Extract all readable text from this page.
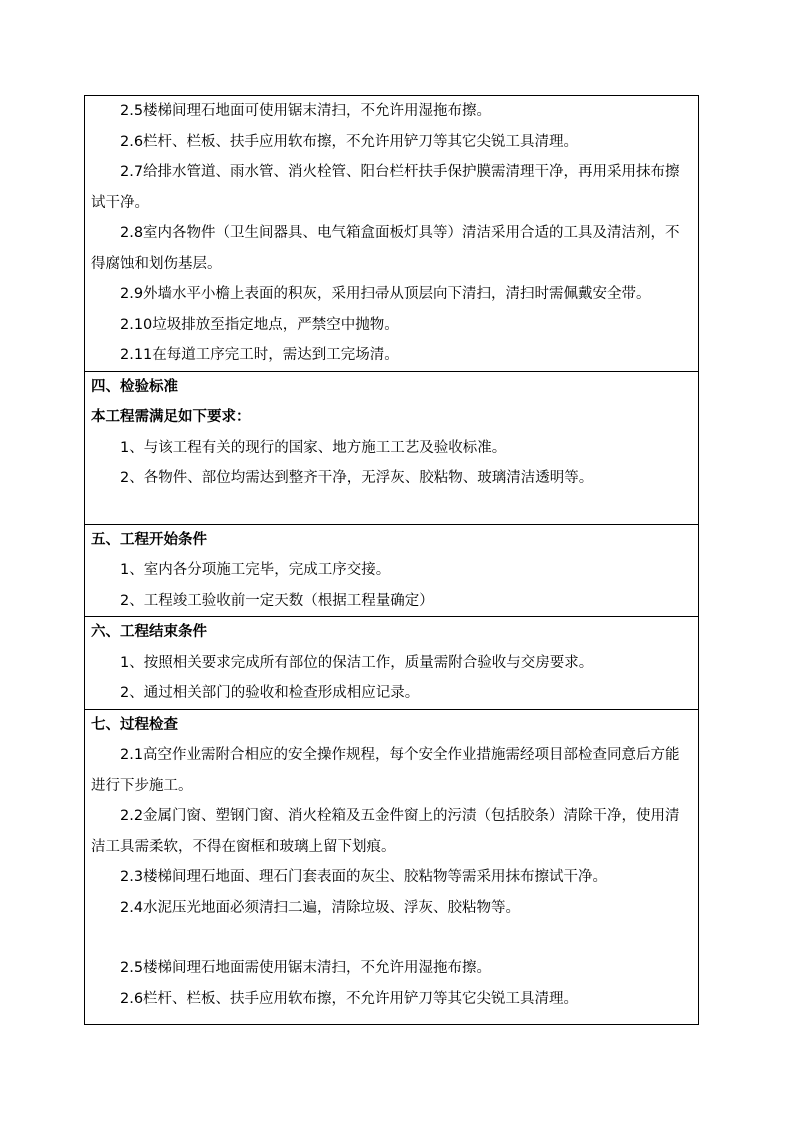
2.5楼梯间理石地面可使用锯末清扫，不允许用湿拖布擦。
2.6栏杆、栏板、扶手应用软布擦，不允许用铲刀等其它尖锐工具清理。
2.7给排水管道、雨水管、消火栓管、阳台栏杆扶手保护膜需清理干净，再用采用抹布擦试干净。
2.8室内各物件（卫生间器具、电气箱盒面板灯具等）清洁采用合适的工具及清洁剂，不得腐蚀和划伤基层。
2.9外墙水平小檐上表面的积灰，采用扫帚从顶层向下清扫，清扫时需佩戴安全带。
2.10垃圾排放至指定地点，严禁空中抛物。
2.11在每道工序完工时，需达到工完场清。

四、检验标准
本工程需满足如下要求：
1、与该工程有关的现行的国家、地方施工工艺及验收标准。
2、各物件、部位均需达到整齐干净，无浮灰、胶粘物、玻璃清洁透明等。

五、工程开始条件
1、室内各分项施工完毕，完成工序交接。
2、工程竣工验收前一定天数（根据工程量确定）

六、工程结束条件
1、按照相关要求完成所有部位的保洁工作，质量需附合验收与交房要求。
2、通过相关部门的验收和检查形成相应记录。

七、过程检查
2.1高空作业需附合相应的安全操作规程，每个安全作业措施需经项目部检查同意后方能进行下步施工。
2.2金属门窗、塑钢门窗、消火栓箱及五金件窗上的污渍（包括胶条）清除干净，使用清洁工具需柔软，不得在窗框和玻璃上留下划痕。
2.3楼梯间理石地面、理石门套表面的灰尘、胶粘物等需采用抹布擦试干净。
2.4水泥压光地面必须清扫二遍，清除垃圾、浮灰、胶粘物等。
2.5楼梯间理石地面需使用锯末清扫，不允许用湿拖布擦。
2.6栏杆、栏板、扶手应用软布擦，不允许用铲刀等其它尖锐工具清理。
